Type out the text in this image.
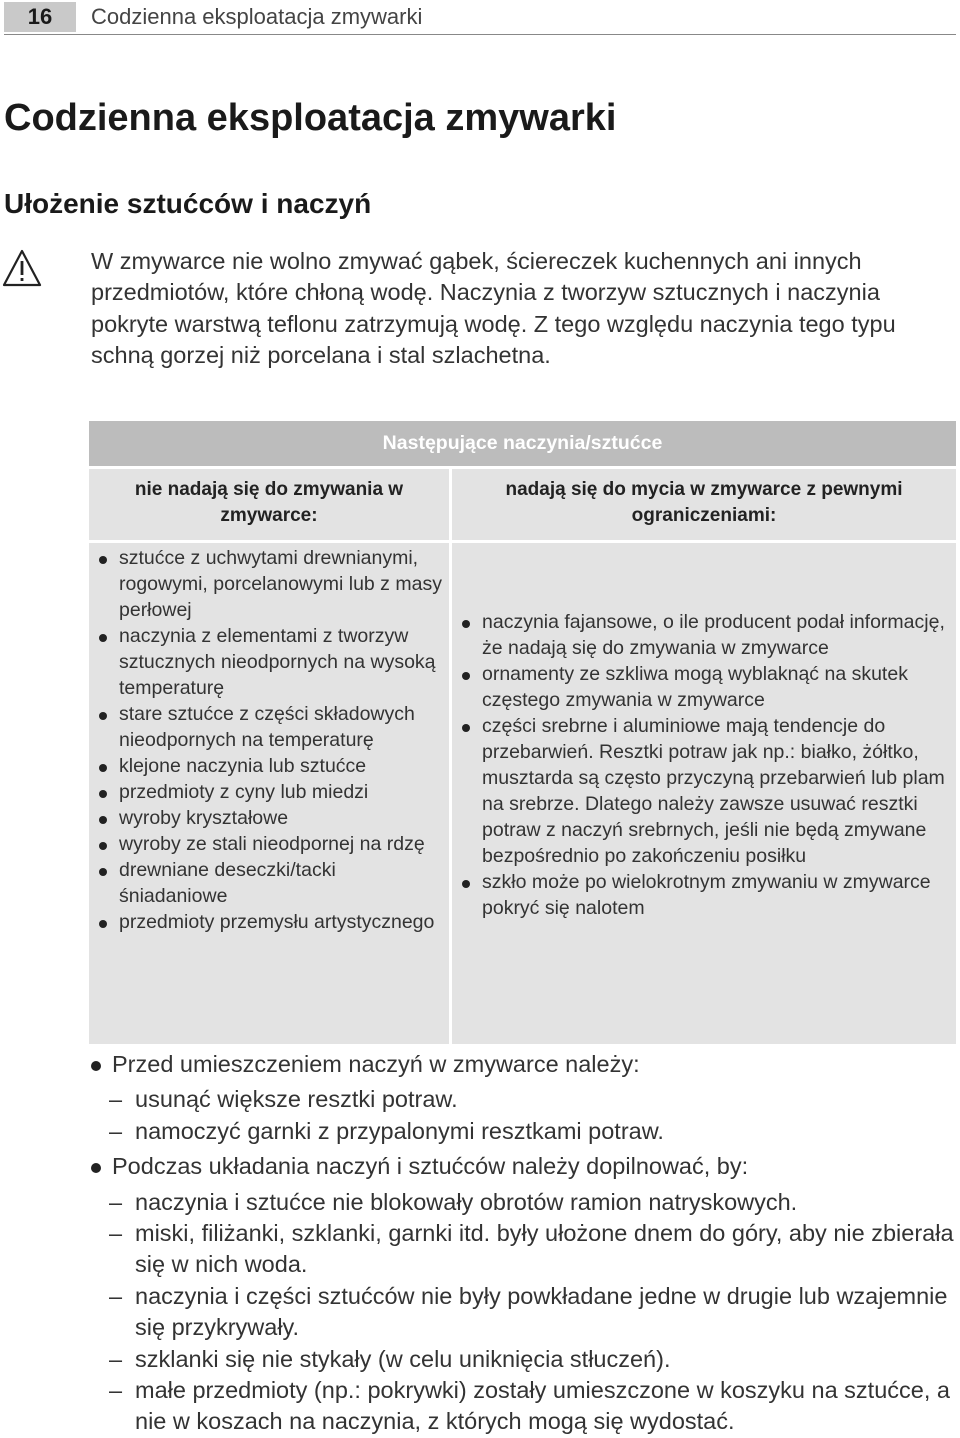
16	Codzienna eksploatacja zmywarki
Codzienna eksploatacja zmywarki
Ułożenie sztućców i naczyń

W zmywarce nie wolno zmywać gąbek, ściereczek kuchennych ani innych przedmiotów, które chłoną wodę. Naczynia z tworzyw sztucznych i naczynia pokryte warstwą teflonu zatrzymują wodę. Z tego względu naczynia tego typu schną gorzej niż porcelana i stal szlachetna.

Następujące naczynia/sztućce
nie nadają się do zmywania w zmywarce:
nadają się do mycia w zmywarce z pewnymi ograniczeniami:
sztućce z uchwytami drewnianymi, rogowymi, porcelanowymi lub z masy perłowej
naczynia z elementami z tworzyw sztucznych nieodpornych na wysoką temperaturę
stare sztućce z części składowych nieodpornych na temperaturę
klejone naczynia lub sztućce
przedmioty z cyny lub miedzi
wyroby kryształowe
wyroby ze stali nieodpornej na rdzę
drewniane deseczki/tacki śniadaniowe
przedmioty przemysłu artystycznego
naczynia fajansowe, o ile producent podał informację, że nadają się do zmywania w zmywarce
ornamenty ze szkliwa mogą wyblaknąć na skutek częstego zmywania w zmywarce
części srebrne i aluminiowe mają tendencje do przebarwień. Resztki potraw jak np.: białko, żółtko, musztarda są często przyczyną przebarwień lub plam na srebrze. Dlatego należy zawsze usuwać resztki potraw z naczyń srebrnych, jeśli nie będą zmywane bezpośrednio po zakończeniu posiłku
szkło może po wielokrotnym zmywaniu w zmywarce pokryć się nalotem
Przed umieszczeniem naczyń w zmywarce należy:
– usunąć większe resztki potraw.
– namoczyć garnki z przypalonymi resztkami potraw.
Podczas układania naczyń i sztućców należy dopilnować, by:
– naczynia i sztućce nie blokowały obrotów ramion natryskowych.
– miski, filiżanki, szklanki, garnki itd. były ułożone dnem do góry, aby nie zbierała się w nich woda.
– naczynia i części sztućców nie były powkładane jedne w drugie lub wzajemnie się przykrywały.
– szklanki się nie stykały (w celu uniknięcia stłuczeń).
– małe przedmioty (np.: pokrywki) zostały umieszczone w koszyku na sztućce, a nie w koszach na naczynia, z których mogą się wydostać.
